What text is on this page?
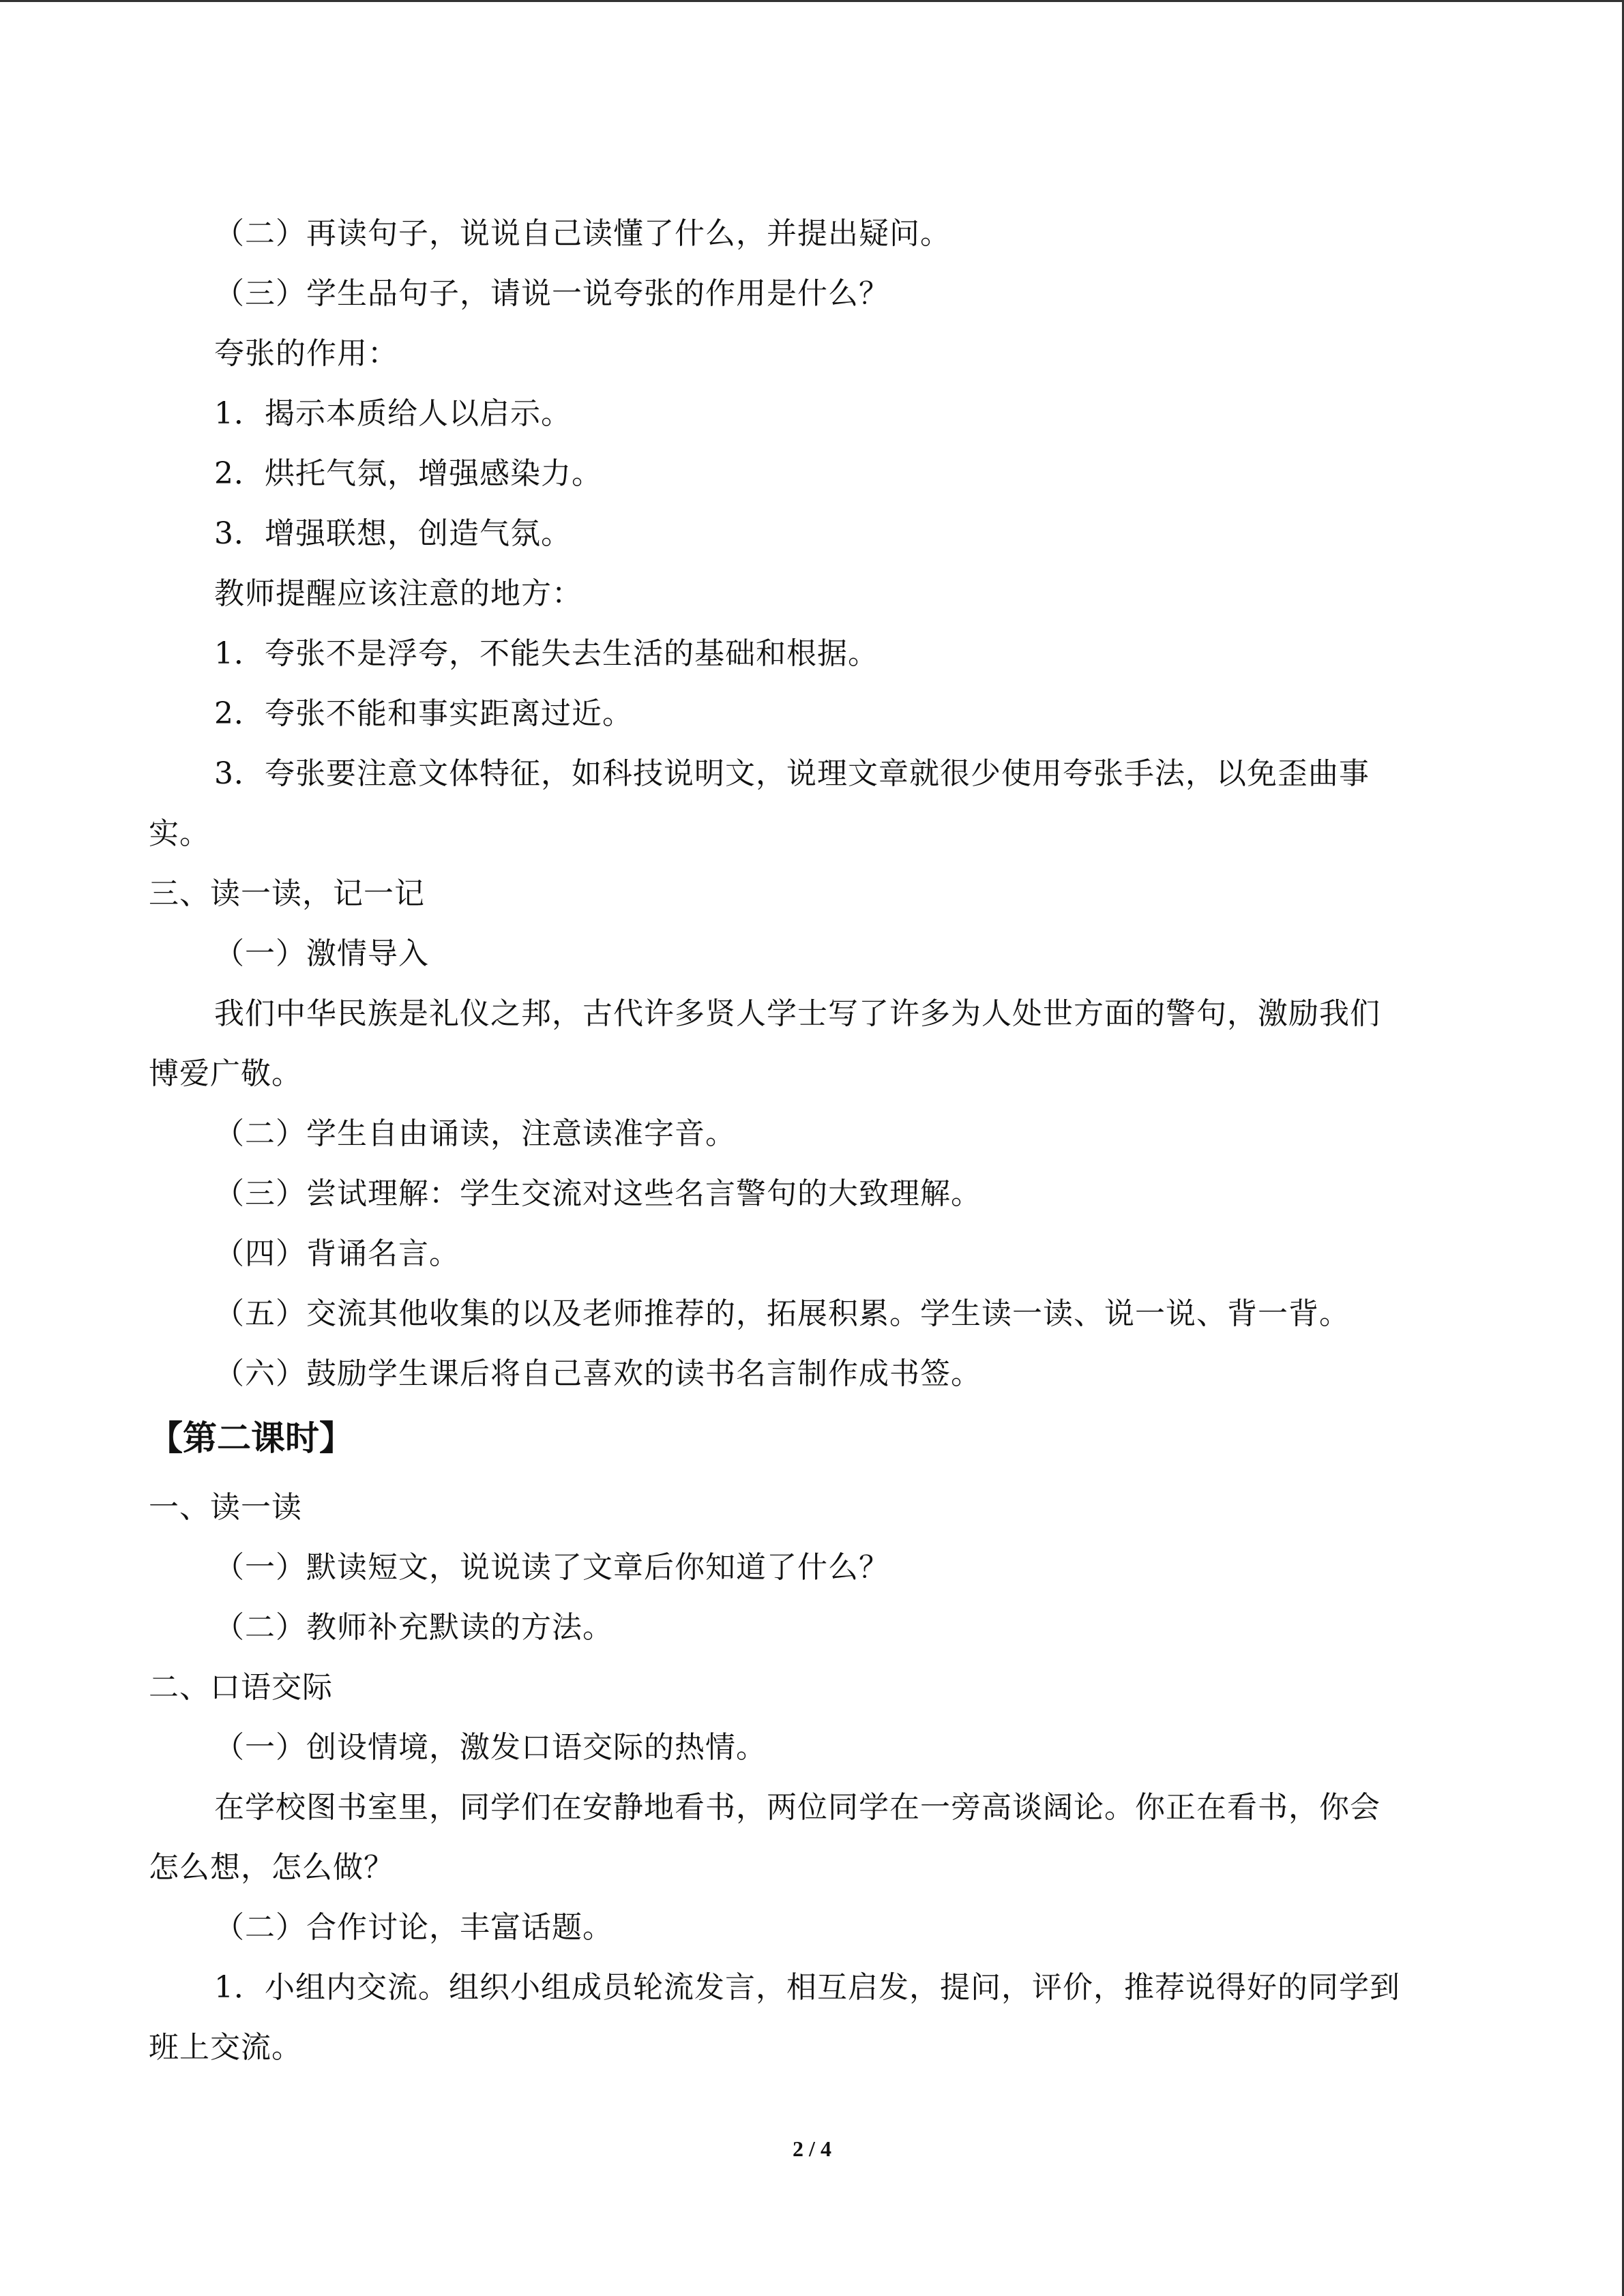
（二）再读句子，说说自己读懂了什么，并提出疑问。
（三）学生品句子，请说一说夸张的作用是什么？
夸张的作用：
1．揭示本质给人以启示。
2．烘托气氛，增强感染力。
3．增强联想，创造气氛。
教师提醒应该注意的地方：
1．夸张不是浮夸，不能失去生活的基础和根据。
2．夸张不能和事实距离过近。
3．夸张要注意文体特征，如科技说明文，说理文章就很少使用夸张手法，以免歪曲事
实。
三、读一读，记一记
（一）激情导入
我们中华民族是礼仪之邦，古代许多贤人学士写了许多为人处世方面的警句，激励我们
博爱广敬。
（二）学生自由诵读，注意读准字音。
（三）尝试理解：学生交流对这些名言警句的大致理解。
（四）背诵名言。
（五）交流其他收集的以及老师推荐的，拓展积累。学生读一读、说一说、背一背。
（六）鼓励学生课后将自己喜欢的读书名言制作成书签。
【第二课时】
一、读一读
（一）默读短文，说说读了文章后你知道了什么？
（二）教师补充默读的方法。
二、口语交际
（一）创设情境，激发口语交际的热情。
在学校图书室里，同学们在安静地看书，两位同学在一旁高谈阔论。你正在看书，你会
怎么想，怎么做？
（二）合作讨论，丰富话题。
1．小组内交流。组织小组成员轮流发言，相互启发，提问，评价，推荐说得好的同学到
班上交流。
2 / 4
